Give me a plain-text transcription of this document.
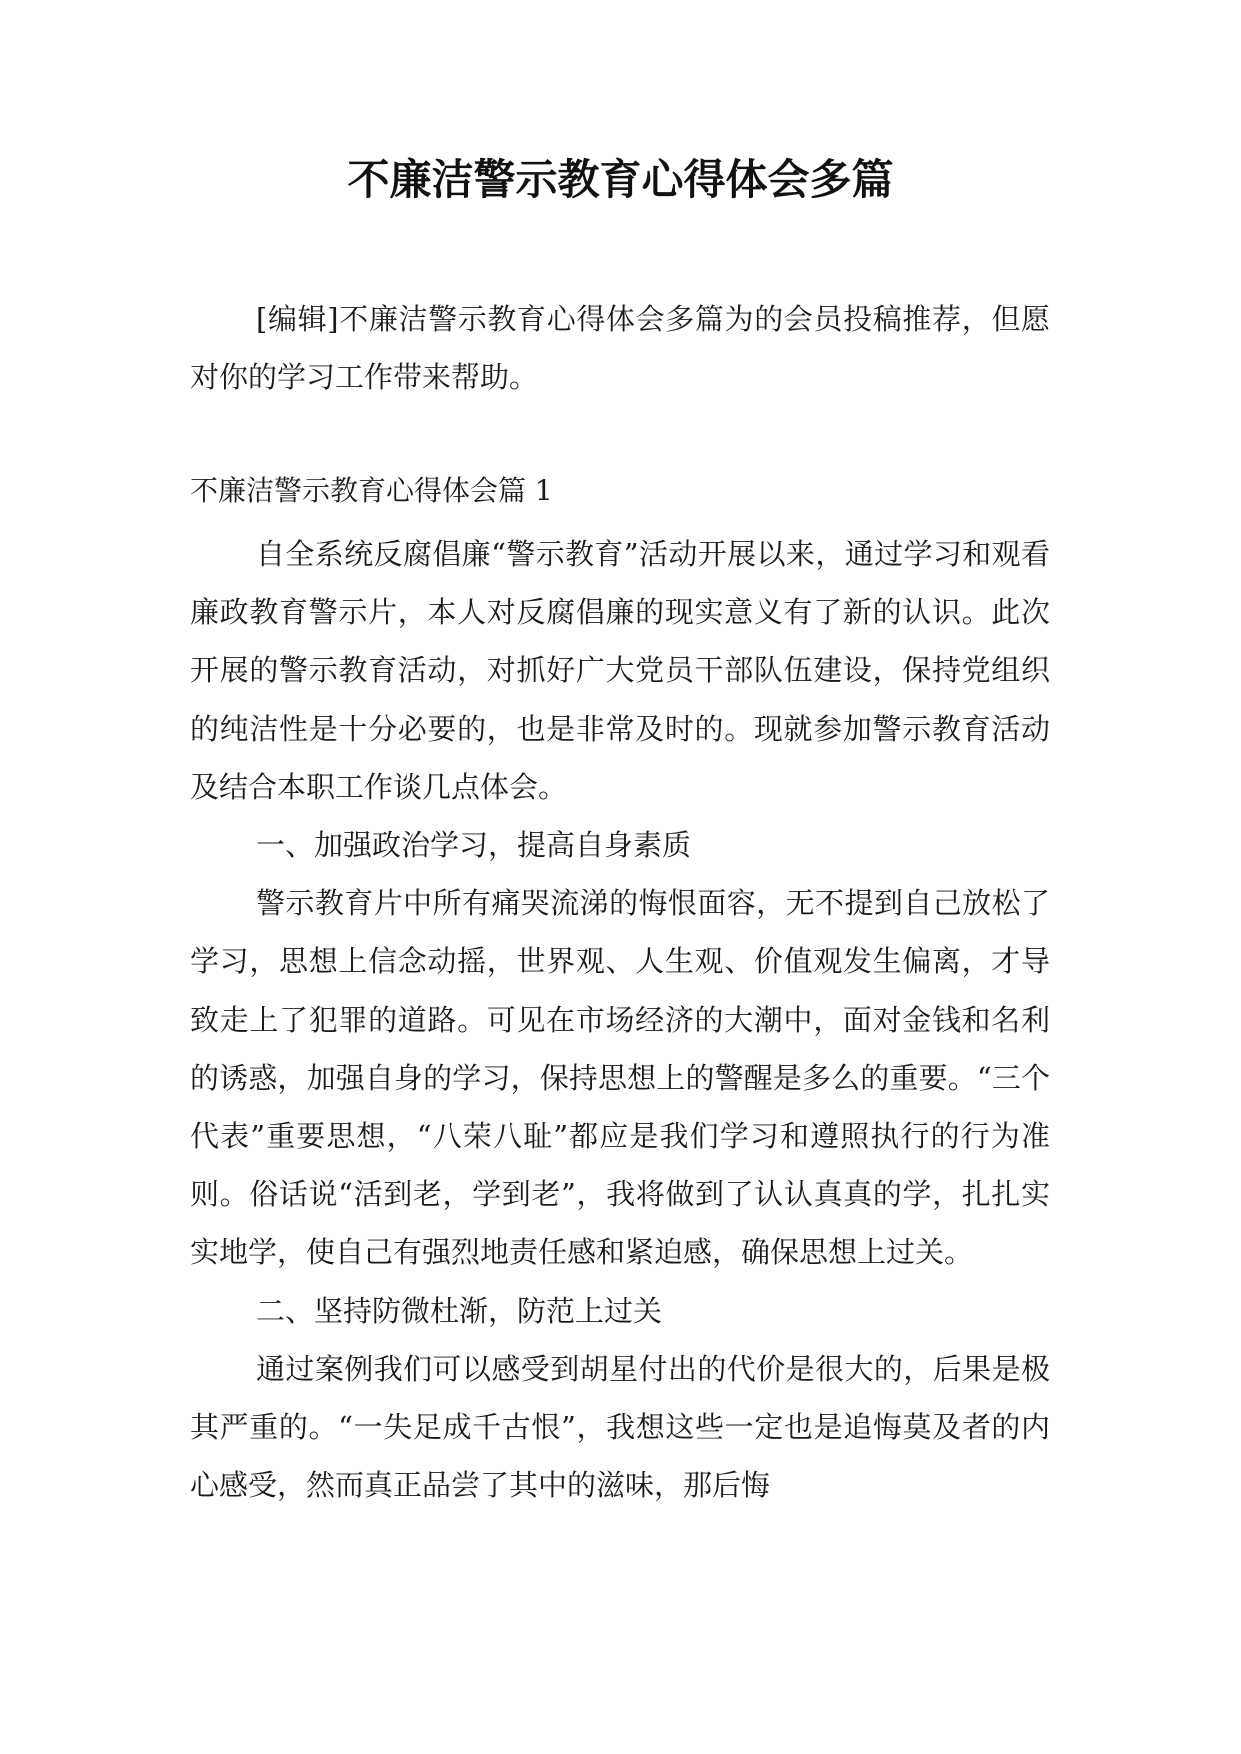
不廉洁警示教育心得体会多篇
[编辑]不廉洁警示教育心得体会多篇为的会员投稿推荐，但愿对你的学习工作带来帮助。
不廉洁警示教育心得体会篇 1

自全系统反腐倡廉“警示教育”活动开展以来，通过学习和观看廉政教育警示片，本人对反腐倡廉的现实意义有了新的认识。此次开展的警示教育活动，对抓好广大党员干部队伍建设，保持党组织的纯洁性是十分必要的，也是非常及时的。现就参加警示教育活动及结合本职工作谈几点体会。

一、加强政治学习，提高自身素质

警示教育片中所有痛哭流涕的悔恨面容，无不提到自己放松了学习，思想上信念动摇，世界观、人生观、价值观发生偏离，才导致走上了犯罪的道路。可见在市场经济的大潮中，面对金钱和名利的诱惑，加强自身的学习，保持思想上的警醒是多么的重要。“三个代表”重要思想，“八荣八耻”都应是我们学习和遵照执行的行为准则。俗话说“活到老，学到老”，我将做到了认认真真的学，扎扎实实地学，使自己有强烈地责任感和紧迫感，确保思想上过关。

二、坚持防微杜渐，防范上过关

通过案例我们可以感受到胡星付出的代价是很大的，后果是极其严重的。“一失足成千古恨”，我想这些一定也是追悔莫及者的内心感受，然而真正品尝了其中的滋味，那后悔
